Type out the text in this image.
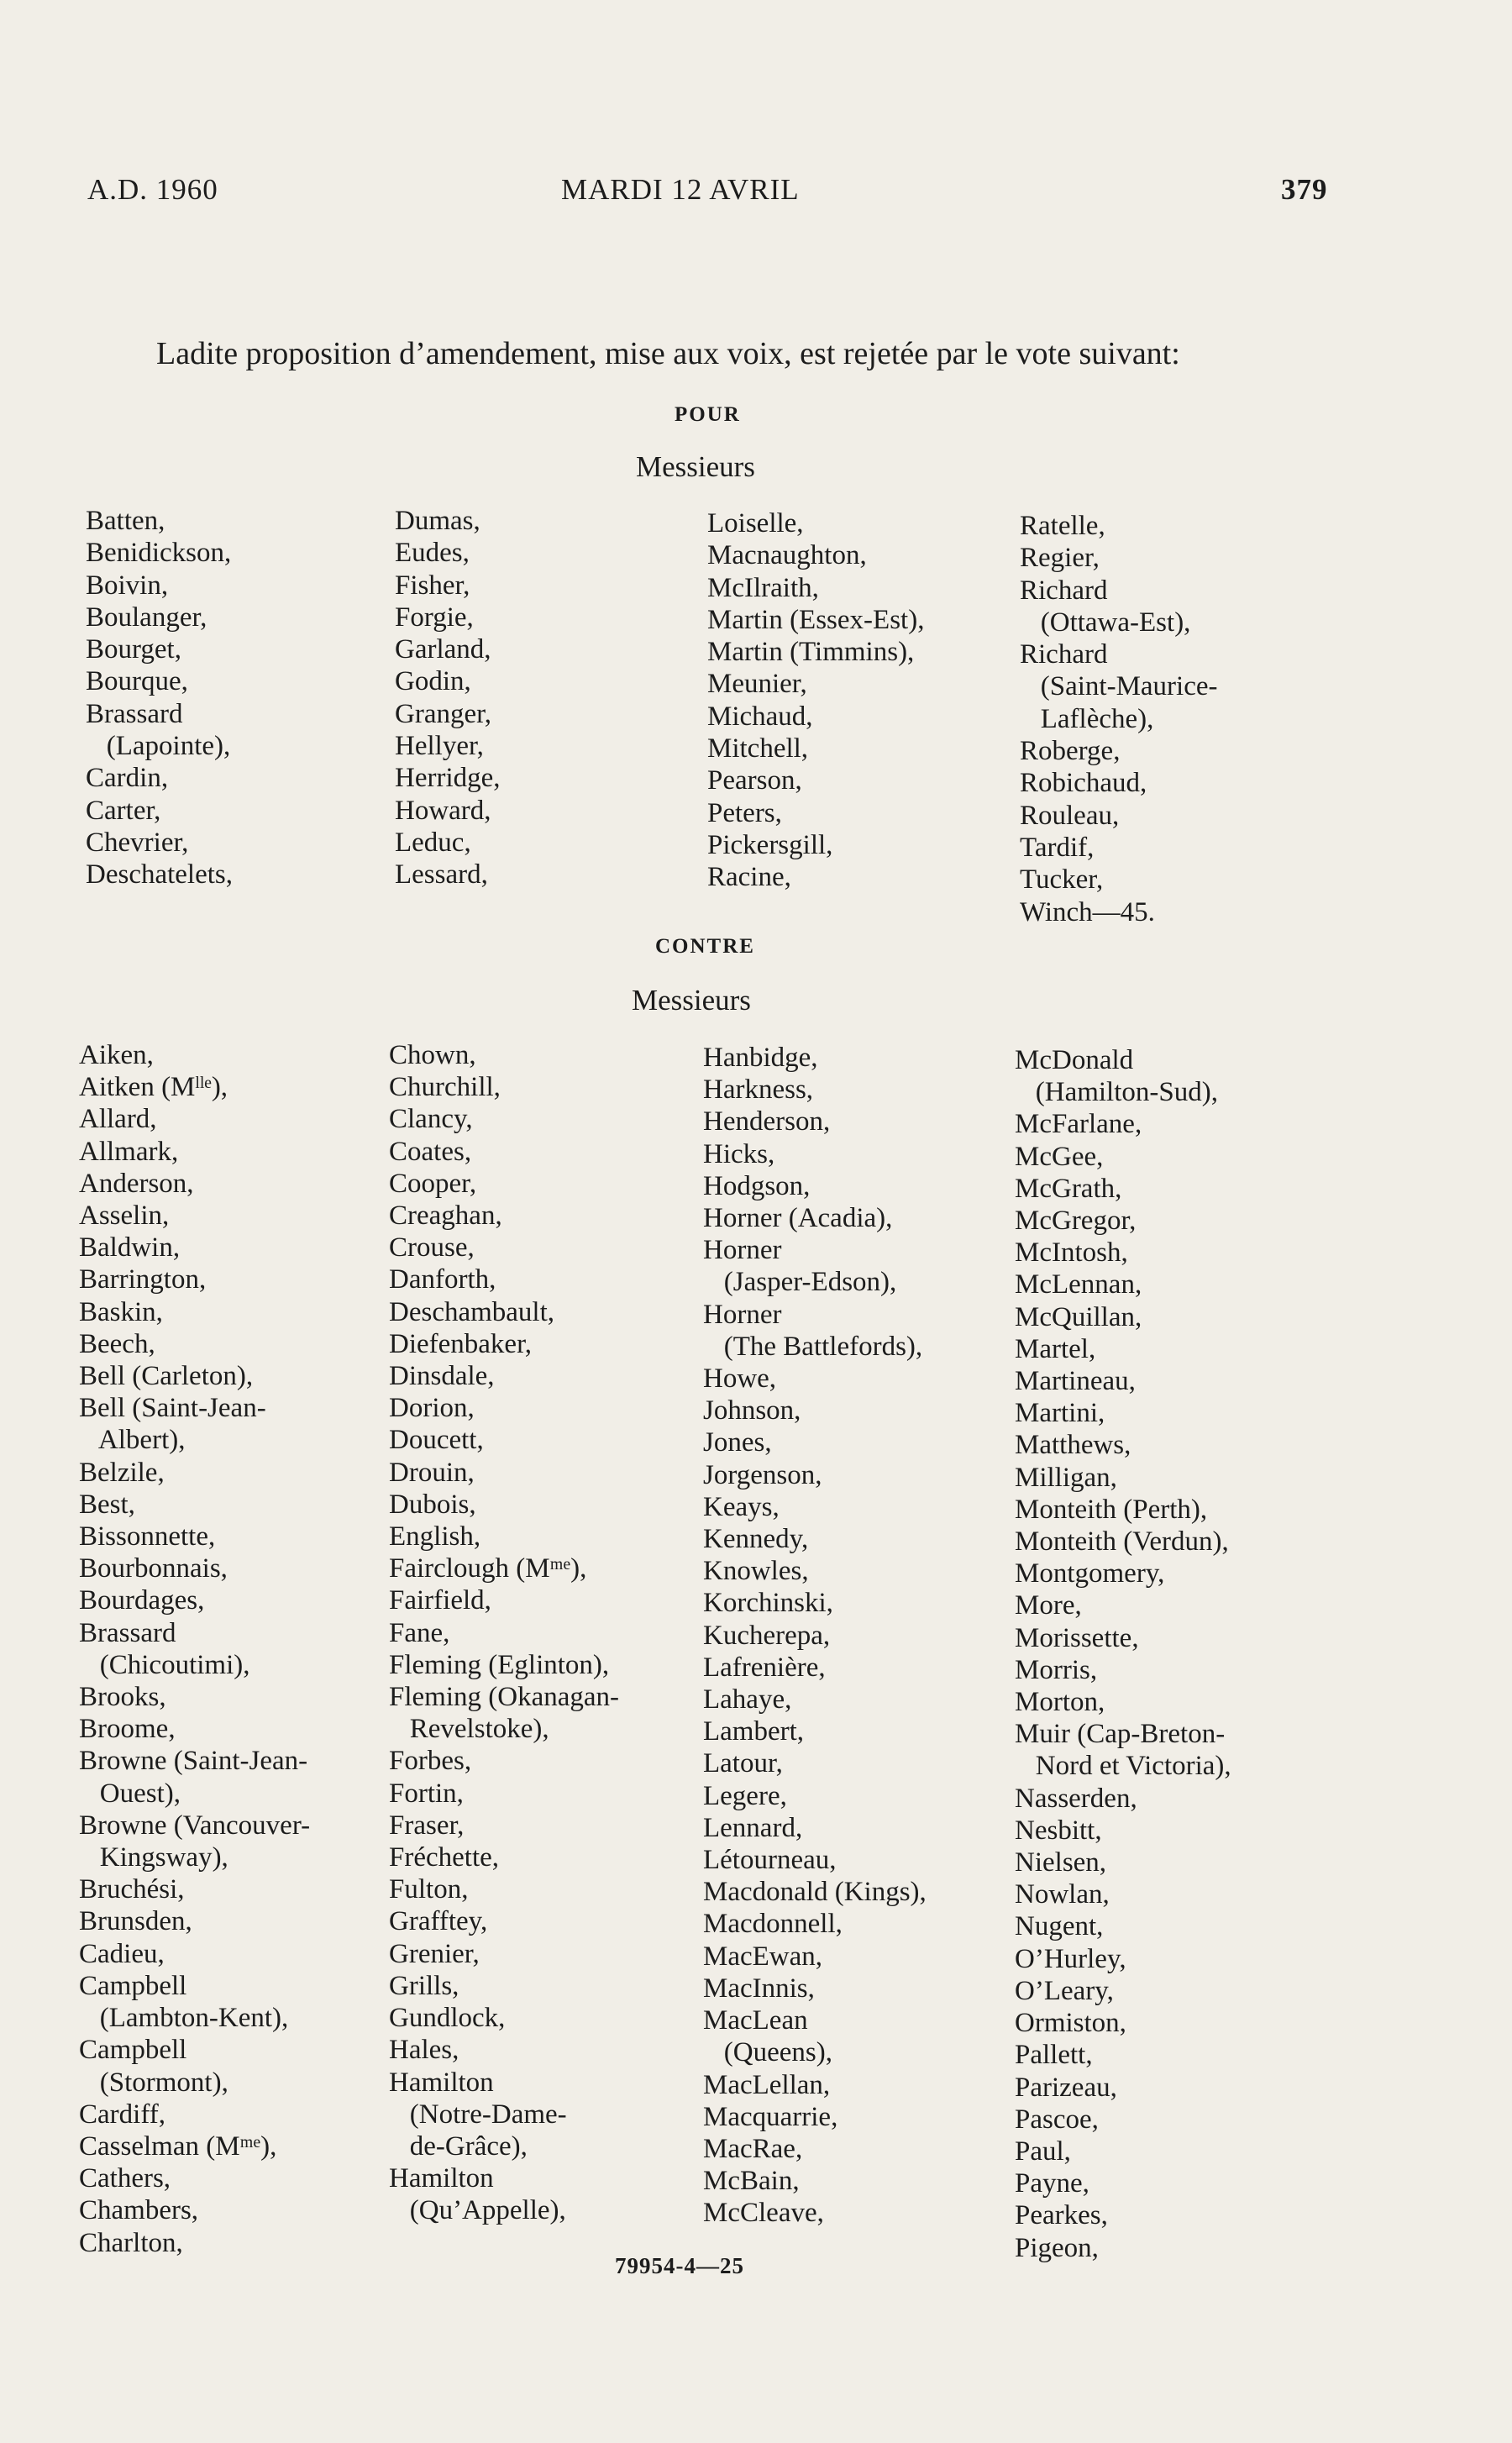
A.D. 1960	MARDI 12 AVRIL	379

Ladite proposition d’amendement, mise aux voix, est rejetée par le vote suivant:

POUR
Messieurs
Batten,
Benidickson,
Boivin,
Boulanger,
Bourget,
Bourque,
Brassard
(Lapointe),
Cardin,
Carter,
Chevrier,
Deschatelets,
Dumas,
Eudes,
Fisher,
Forgie,
Garland,
Godin,
Granger,
Hellyer,
Herridge,
Howard,
Leduc,
Lessard,
Loiselle,
Macnaughton,
McIlraith,
Martin (Essex-Est),
Martin (Timmins),
Meunier,
Michaud,
Mitchell,
Pearson,
Peters,
Pickersgill,
Racine,
Ratelle,
Regier,
Richard
(Ottawa-Est),
Richard
(Saint-Maurice-
Laflèche),
Roberge,
Robichaud,
Rouleau,
Tardif,
Tucker,
Winch—45.
CONTRE
Messieurs
Aiken,
Aitken (Mˡˡᵉ),
Allard,
Allmark,
Anderson,
Asselin,
Baldwin,
Barrington,
Baskin,
Beech,
Bell (Carleton),
Bell (Saint-Jean-
Albert),
Belzile,
Best,
Bissonnette,
Bourbonnais,
Bourdages,
Brassard
(Chicoutimi),
Brooks,
Broome,
Browne (Saint-Jean-
Ouest),
Browne (Vancouver-
Kingsway),
Bruchési,
Brunsden,
Cadieu,
Campbell
(Lambton-Kent),
Campbell
(Stormont),
Cardiff,
Casselman (Mᵐᵉ),
Cathers,
Chambers,
Charlton,
Chown,
Churchill,
Clancy,
Coates,
Cooper,
Creaghan,
Crouse,
Danforth,
Deschambault,
Diefenbaker,
Dinsdale,
Dorion,
Doucett,
Drouin,
Dubois,
English,
Fairclough (Mᵐᵉ),
Fairfield,
Fane,
Fleming (Eglinton),
Fleming (Okanagan-
Revelstoke),
Forbes,
Fortin,
Fraser,
Fréchette,
Fulton,
Grafftey,
Grenier,
Grills,
Gundlock,
Hales,
Hamilton
(Notre-Dame-
de-Grâce),
Hamilton
(Qu’Appelle),
Hanbidge,
Harkness,
Henderson,
Hicks,
Hodgson,
Horner (Acadia),
Horner
(Jasper-Edson),
Horner
(The Battlefords),
Howe,
Johnson,
Jones,
Jorgenson,
Keays,
Kennedy,
Knowles,
Korchinski,
Kucherepa,
Lafrenière,
Lahaye,
Lambert,
Latour,
Legere,
Lennard,
Létourneau,
Macdonald (Kings),
Macdonnell,
MacEwan,
MacInnis,
MacLean
(Queens),
MacLellan,
Macquarrie,
MacRae,
McBain,
McCleave,
McDonald
(Hamilton-Sud),
McFarlane,
McGee,
McGrath,
McGregor,
McIntosh,
McLennan,
McQuillan,
Martel,
Martineau,
Martini,
Matthews,
Milligan,
Monteith (Perth),
Monteith (Verdun),
Montgomery,
More,
Morissette,
Morris,
Morton,
Muir (Cap-Breton-
Nord et Victoria),
Nasserden,
Nesbitt,
Nielsen,
Nowlan,
Nugent,
O’Hurley,
O’Leary,
Ormiston,
Pallett,
Parizeau,
Pascoe,
Paul,
Payne,
Pearkes,
Pigeon,
79954-4—25
